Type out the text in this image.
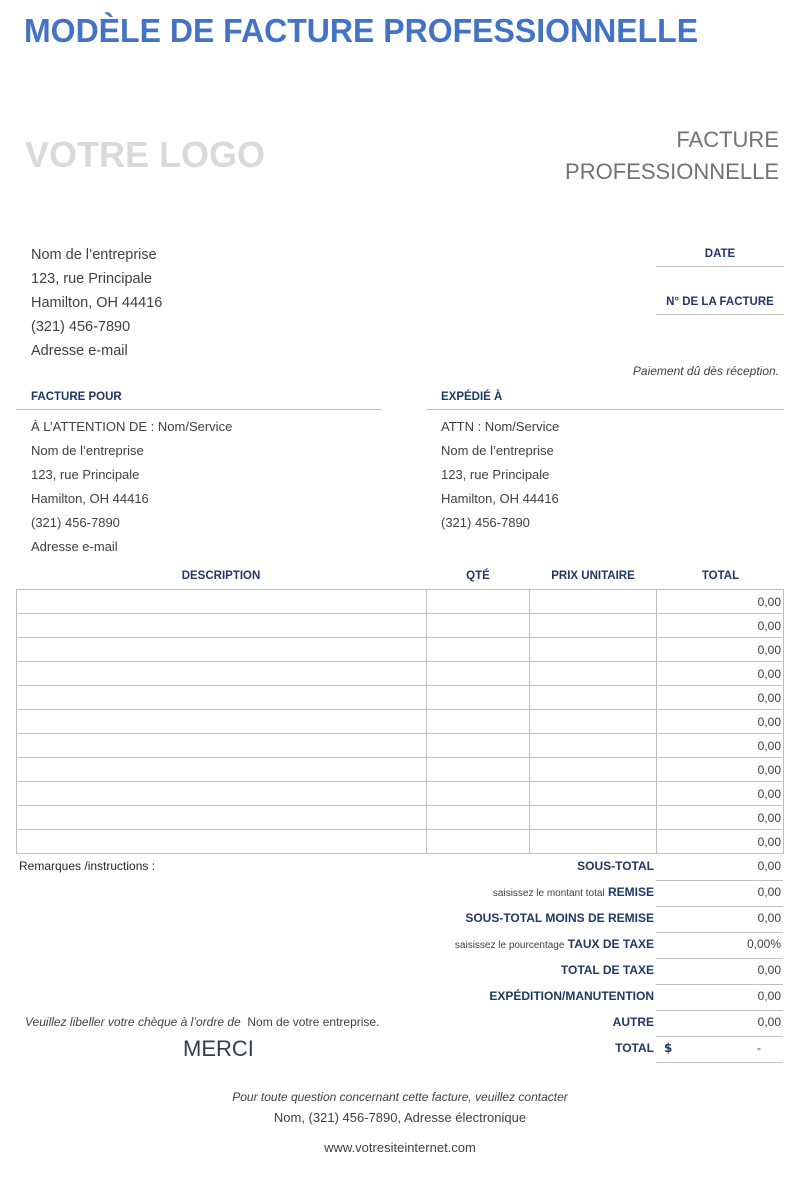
MODÈLE DE FACTURE PROFESSIONNELLE
VOTRE LOGO	FACTURE
PROFESSIONNELLE
Nom de l’entreprise
123, rue Principale
Hamilton, OH 44416
(321) 456-7890
Adresse e-mail
DATE
N° DE LA FACTURE
Paiement dû dès réception.
FACTURE POUR
À L’ATTENTION DE : Nom/Service
Nom de l’entreprise
123, rue Principale
Hamilton, OH 44416
(321) 456-7890
Adresse e-mail
EXPÉDIÉ À
ATTN : Nom/Service
Nom de l’entreprise
123, rue Principale
Hamilton, OH 44416
(321) 456-7890
DESCRIPTION	QTÉ	PRIX UNITAIRE	TOTAL
			0,00
			0,00
			0,00
			0,00
			0,00
			0,00
			0,00
			0,00
			0,00
			0,00
			0,00
Remarques /instructions :	SOUS-TOTAL	0,00
saisissez le montant total REMISE	0,00
SOUS-TOTAL MOINS DE REMISE	0,00
saisissez le pourcentage TAUX DE TAXE	0,00%
TOTAL DE TAXE	0,00
EXPÉDITION/MANUTENTION	0,00
AUTRE	0,00
TOTAL $	-
Veuillez libeller votre chèque à l’ordre de Nom de votre entreprise.
MERCI
Pour toute question concernant cette facture, veuillez contacter
Nom, (321) 456-7890, Adresse électronique
www.votresiteinternet.com
